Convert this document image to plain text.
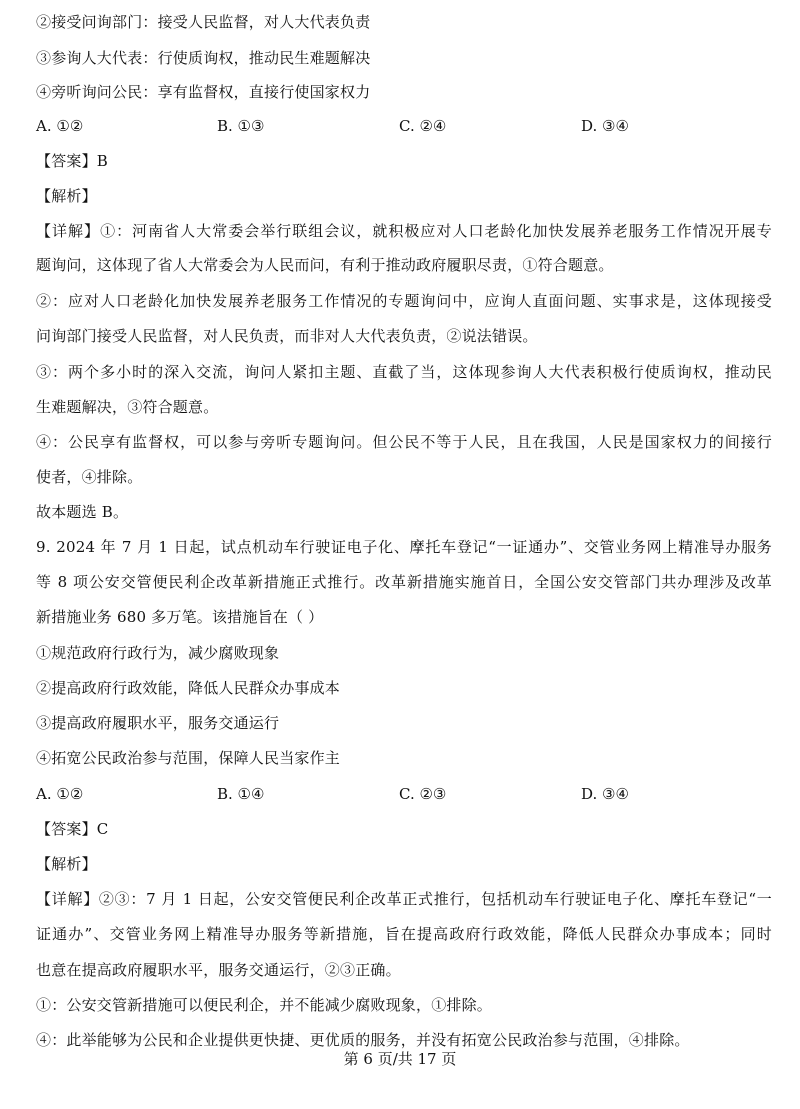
②接受问询部门：接受人民监督，对人大代表负责
③参询人大代表：行使质询权，推动民生难题解决
④旁听询问公民：享有监督权，直接行使国家权力
A. ①②	B. ①③	C. ②④	D. ③④
【答案】B
【解析】
【详解】①：河南省人大常委会举行联组会议，就积极应对人口老龄化加快发展养老服务工作情况开展专
题询问，这体现了省人大常委会为人民而问，有利于推动政府履职尽责，①符合题意。
②：应对人口老龄化加快发展养老服务工作情况的专题询问中，应询人直面问题、实事求是，这体现接受
问询部门接受人民监督，对人民负责，而非对人大代表负责，②说法错误。
③：两个多小时的深入交流，询问人紧扣主题、直截了当，这体现参询人大代表积极行使质询权，推动民
生难题解决，③符合题意。
④：公民享有监督权，可以参与旁听专题询问。但公民不等于人民，且在我国，人民是国家权力的间接行
使者，④排除。
故本题选 B。
9. 2024 年 7 月 1 日起，试点机动车行驶证电子化、摩托车登记“一证通办”、交管业务网上精准导办服务
等 8 项公安交管便民利企改革新措施正式推行。改革新措施实施首日，全国公安交管部门共办理涉及改革
新措施业务 680 多万笔。该措施旨在（ ）
①规范政府行政行为，减少腐败现象
②提高政府行政效能，降低人民群众办事成本
③提高政府履职水平，服务交通运行
④拓宽公民政治参与范围，保障人民当家作主
A. ①②	B. ①④	C. ②③	D. ③④
【答案】C
【解析】
【详解】②③：7 月 1 日起，公安交管便民利企改革正式推行，包括机动车行驶证电子化、摩托车登记“一
证通办”、交管业务网上精准导办服务等新措施，旨在提高政府行政效能，降低人民群众办事成本；同时
也意在提高政府履职水平，服务交通运行，②③正确。
①：公安交管新措施可以便民利企，并不能减少腐败现象，①排除。
④：此举能够为公民和企业提供更快捷、更优质的服务，并没有拓宽公民政治参与范围，④排除。
第 6 页/共 17 页
